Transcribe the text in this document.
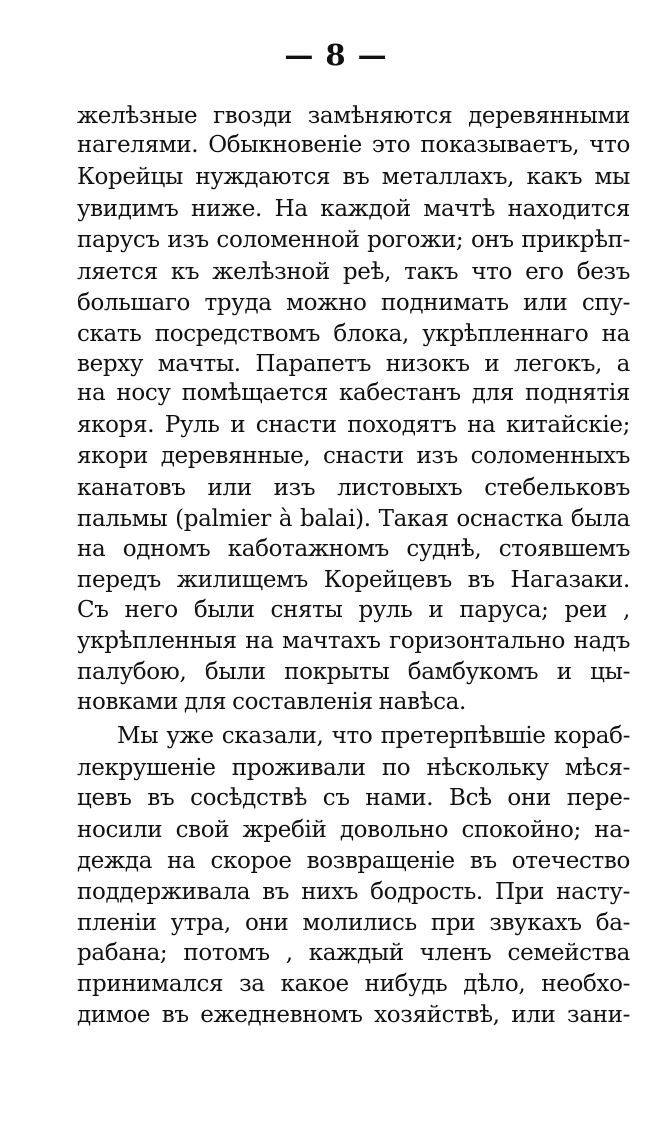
— 8 —
желѣзные гвозди замѣняются деревянными
нагелями. Обыкновеніе это показываетъ, что
Корейцы нуждаются въ металлахъ, какъ мы
увидимъ ниже. На каждой мачтѣ находится
парусъ изъ соломенной рогожи; онъ прикрѣп-
ляется къ желѣзной реѣ, такъ что его безъ
большаго труда можно поднимать или спу-
скать посредствомъ блока, укрѣпленнаго на
верху мачты. Парапетъ низокъ и легокъ, а
на носу помѣщается кабестанъ для поднятія
якоря. Руль и снасти походятъ на китайскіе;
якори деревянные, снасти изъ соломенныхъ
канатовъ или изъ листовыхъ стебельковъ
пальмы (palmier à balai). Такая оснастка была
на одномъ каботажномъ суднѣ, стоявшемъ
передъ жилищемъ Корейцевъ въ Нагазаки.
Съ него были сняты руль и паруса; реи ,
укрѣпленныя на мачтахъ горизонтально надъ
палубою, были покрыты бамбукомъ и цы-
новками для составленія навѣса.
Мы уже сказали, что претерпѣвшіе кораб-
лекрушеніе проживали по нѣскольку мѣся-
цевъ въ сосѣдствѣ съ нами. Всѣ они пере-
носили свой жребій довольно спокойно; на-
дежда на скорое возвращеніе въ отечество
поддерживала въ нихъ бодрость. При насту-
пленіи утра, они молились при звукахъ ба-
рабана; потомъ , каждый членъ семейства
принимался за какое нибудь дѣло, необхо-
димое въ ежедневномъ хозяйствѣ, или зани-
